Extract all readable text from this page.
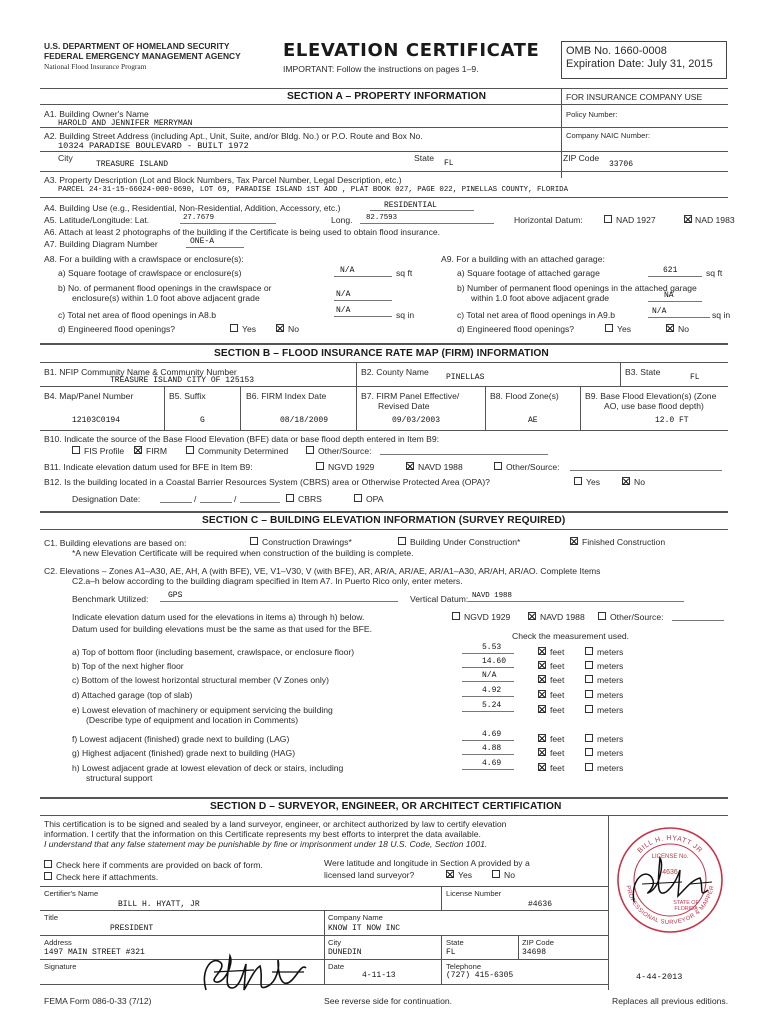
U.S. DEPARTMENT OF HOMELAND SECURITY
FEDERAL EMERGENCY MANAGEMENT AGENCY
National Flood Insurance Program
ELEVATION CERTIFICATE
IMPORTANT: Follow the instructions on pages 1–9.
OMB No. 1660-0008
Expiration Date: July 31, 2015
SECTION A – PROPERTY INFORMATION	FOR INSURANCE COMPANY USE
A1. Building Owner's Name
HAROLD AND JENNIFER MERRYMAN
Policy Number:
A2. Building Street Address (including Apt., Unit, Suite, and/or Bldg. No.) or P.O. Route and Box No.
10324 PARADISE BOULEVARD - BUILT 1972
Company NAIC Number:
City
TREASURE ISLAND
State
FL
ZIP Code
33706
A3. Property Description (Lot and Block Numbers, Tax Parcel Number, Legal Description, etc.)
PARCEL 24-31-15-66024-000-0690, LOT 69, PARADISE ISLAND 1ST ADD , PLAT BOOK 027, PAGE 022, PINELLAS COUNTY, FLORIDA
A4. Building Use (e.g., Residential, Non-Residential, Addition, Accessory, etc.)	RESIDENTIAL
A5. Latitude/Longitude: Lat.	27.7679	Long. 82.7593	Horizontal Datum:	NAD 1927	NAD 1983
A6. Attach at least 2 photographs of the building if the Certificate is being used to obtain flood insurance.
A7. Building Diagram Number	ONE-A
A8. For a building with a crawlspace or enclosure(s):
a) Square footage of crawlspace or enclosure(s)	N/A	sq ft
b) No. of permanent flood openings in the crawlspace or
enclosure(s) within 1.0 foot above adjacent grade	N/A
c) Total net area of flood openings in A8.b	N/A	sq in
d) Engineered flood openings?	Yes	No
A9. For a building with an attached garage:
a) Square footage of attached garage	621	sq ft
b) Number of permanent flood openings in the attached garage
within 1.0 foot above adjacent grade	NA
c) Total net area of flood openings in A9.b	N/A	sq in
d) Engineered flood openings?	Yes	No
SECTION B – FLOOD INSURANCE RATE MAP (FIRM) INFORMATION
B1. NFIP Community Name & Community Number
TREASURE ISLAND CITY OF 125153
B2. County Name
PINELLAS
B3. State
FL
B4. Map/Panel Number
12103C0194
B5. Suffix
G
B6. FIRM Index Date
08/18/2009
B7. FIRM Panel Effective/
Revised Date
09/03/2003
B8. Flood Zone(s)
AE
B9. Base Flood Elevation(s) (Zone
AO, use base flood depth)
12.0 FT
B10. Indicate the source of the Base Flood Elevation (BFE) data or base flood depth entered in Item B9:
FIS Profile	FIRM	Community Determined	Other/Source:
B11. Indicate elevation datum used for BFE in Item B9:	NGVD 1929	NAVD 1988	Other/Source:
B12. Is the building located in a Coastal Barrier Resources System (CBRS) area or Otherwise Protected Area (OPA)?	Yes	No
Designation Date:	/	/	CBRS	OPA
SECTION C – BUILDING ELEVATION INFORMATION (SURVEY REQUIRED)
C1. Building elevations are based on:	Construction Drawings*	Building Under Construction*	Finished Construction
*A new Elevation Certificate will be required when construction of the building is complete.
C2. Elevations – Zones A1–A30, AE, AH, A (with BFE), VE, V1–V30, V (with BFE), AR, AR/A, AR/AE, AR/A1–A30, AR/AH, AR/AO. Complete Items
C2.a–h below according to the building diagram specified in Item A7. In Puerto Rico only, enter meters.
Benchmark Utilized: GPS	Vertical Datum: NAVD 1988
Indicate elevation datum used for the elevations in items a) through h) below.	NGVD 1929	NAVD 1988	Other/Source:
Datum used for building elevations must be the same as that used for the BFE.
Check the measurement used.
a) Top of bottom floor (including basement, crawlspace, or enclosure floor)	5.53	feet	meters
b) Top of the next higher floor	14.60	feet	meters
c) Bottom of the lowest horizontal structural member (V Zones only)	N/A	feet	meters
d) Attached garage (top of slab)	4.92	feet	meters
e) Lowest elevation of machinery or equipment servicing the building
(Describe type of equipment and location in Comments)
5.24	feet	meters
f) Lowest adjacent (finished) grade next to building (LAG)	4.69	feet	meters
g) Highest adjacent (finished) grade next to building (HAG)	4.88	feet	meters
h) Lowest adjacent grade at lowest elevation of deck or stairs, including
structural support
4.69	feet	meters
SECTION D – SURVEYOR, ENGINEER, OR ARCHITECT CERTIFICATION
This certification is to be signed and sealed by a land surveyor, engineer, or architect authorized by law to certify elevation
information. I certify that the information on this Certificate represents my best efforts to interpret the data available.
I understand that any false statement may be punishable by fine or imprisonment under 18 U.S. Code, Section 1001.
Check here if comments are provided on back of form.
Check here if attachments.
Were latitude and longitude in Section A provided by a
licensed land surveyor?	Yes	No
Certifier's Name
BILL H. HYATT, JR
License Number
#4636
Title
PRESIDENT
Company Name
KNOW IT NOW INC
Address
1497 MAIN STREET #321
City
DUNEDIN
State
FL
ZIP Code
34698
Signature	Date
4-11-13
Telephone
(727) 415-6305
BILL H. HYATT JR
PROFESSIONAL SURVEYOR & MAPPER
LICENSE No.
4636
STATE OF
FLORIDA
4-44-2013
FEMA Form 086-0-33 (7/12)	See reverse side for continuation.	Replaces all previous editions.
